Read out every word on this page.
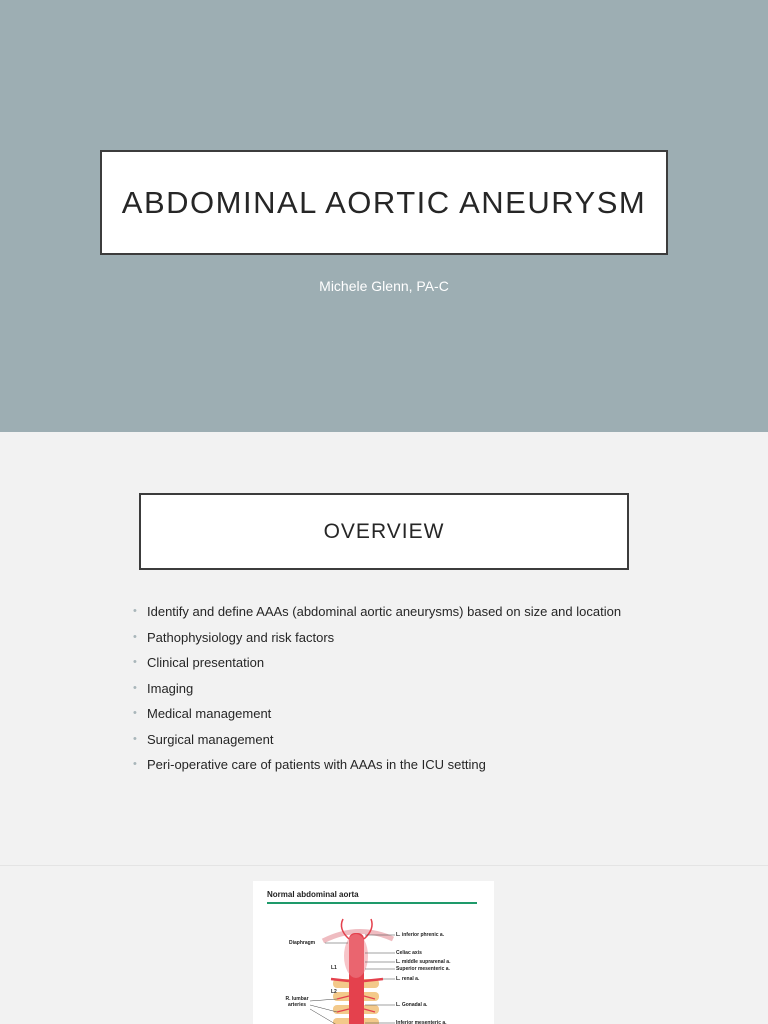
ABDOMINAL AORTIC ANEURYSM
Michele Glenn, PA-C
OVERVIEW
• Identify and define AAAs (abdominal aortic aneurysms) based on size and location
• Pathophysiology and risk factors
• Clinical presentation
• Imaging
• Medical management
• Surgical management
• Peri-operative care of patients with AAAs in the ICU setting
Normal abdominal aorta
Diaphragm
L. inferior phrenic a.
Celiac axis
L. middle suprarenal a.
Superior mesenteric a.
L. renal a.
L1
L2
R. lumbar arteries	L. Gonadal a.
Inferior mesenteric a.
